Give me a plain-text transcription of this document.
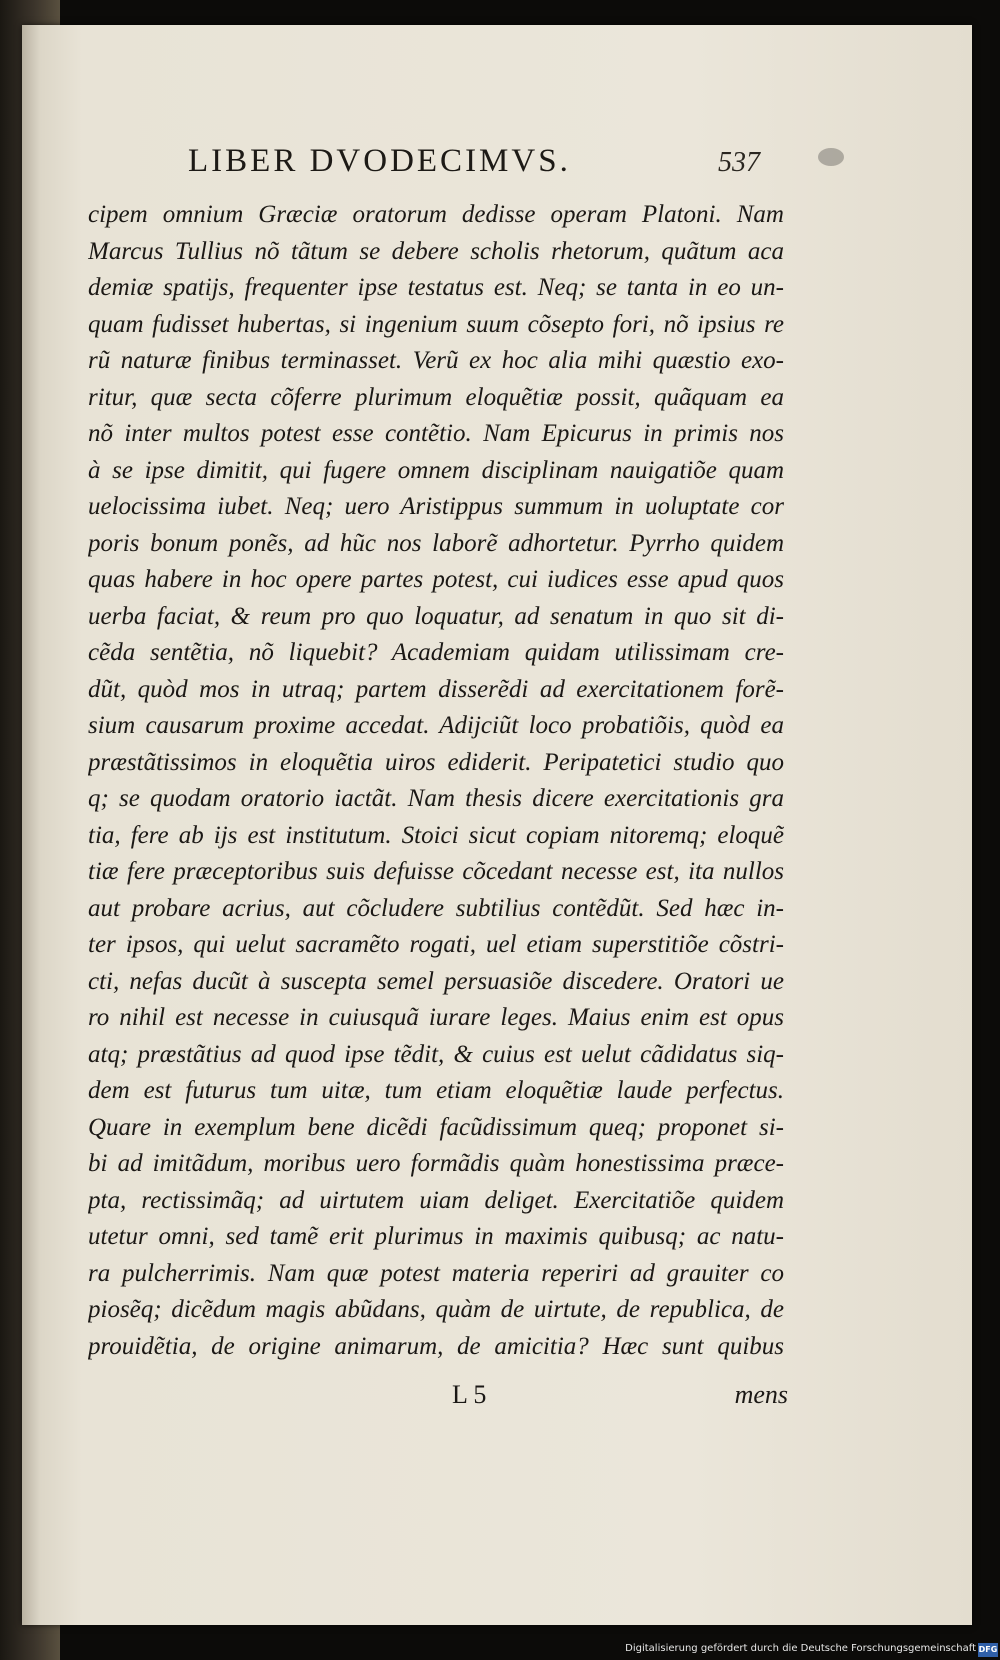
LIBER DVODECIMVS.	537
cipem omnium Græciæ oratorum dedisse operam Platoni. Nam
Marcus Tullius nõ tãtum se debere scholis rhetorum, quãtum aca
demiæ spatijs, frequenter ipse testatus est. Neq; se tanta in eo un-
quam fudisset hubertas, si ingenium suum cõsepto fori, nõ ipsius re
rũ naturæ finibus terminasset. Verũ ex hoc alia mihi quæstio exo-
ritur, quæ secta cõferre plurimum eloquẽtiæ possit, quãquam ea
nõ inter multos potest esse contẽtio. Nam Epicurus in primis nos
à se ipse dimitit, qui fugere omnem disciplinam nauigatiõe quam
uelocissima iubet. Neq; uero Aristippus summum in uoluptate cor
poris bonum ponẽs, ad hũc nos laborẽ adhortetur. Pyrrho quidem
quas habere in hoc opere partes potest, cui iudices esse apud quos
uerba faciat, & reum pro quo loquatur, ad senatum in quo sit di-
cẽda sentẽtia, nõ liquebit? Academiam quidam utilissimam cre-
dũt, quòd mos in utraq; partem disserẽdi ad exercitationem forẽ-
sium causarum proxime accedat. Adijciũt loco probatiõis, quòd ea
præstãtissimos in eloquẽtia uiros ediderit. Peripatetici studio quo
q; se quodam oratorio iactãt. Nam thesis dicere exercitationis gra
tia, fere ab ijs est institutum. Stoici sicut copiam nitoremq; eloquẽ
tiæ fere præceptoribus suis defuisse cõcedant necesse est, ita nullos
aut probare acrius, aut cõcludere subtilius contẽdũt. Sed hæc in-
ter ipsos, qui uelut sacramẽto rogati, uel etiam superstitiõe cõstri-
cti, nefas ducũt à suscepta semel persuasiõe discedere. Oratori ue
ro nihil est necesse in cuiusquã iurare leges. Maius enim est opus
atq; præstãtius ad quod ipse tẽdit, & cuius est uelut cãdidatus siq-
dem est futurus tum uitæ, tum etiam eloquẽtiæ laude perfectus.
Quare in exemplum bene dicẽdi facũdissimum queq; proponet si-
bi ad imitãdum, moribus uero formãdis quàm honestissima præce-
pta, rectissimãq; ad uirtutem uiam deliget. Exercitatiõe quidem
utetur omni, sed tamẽ erit plurimus in maximis quibusq; ac natu-
ra pulcherrimis. Nam quæ potest materia reperiri ad grauiter co
piosẽq; dicẽdum magis abũdans, quàm de uirtute, de republica, de
prouidẽtia, de origine animarum, de amicitia? Hæc sunt quibus
L 5	mens
Digitalisierung gefördert durch die Deutsche Forschungsgemeinschaft DFG
